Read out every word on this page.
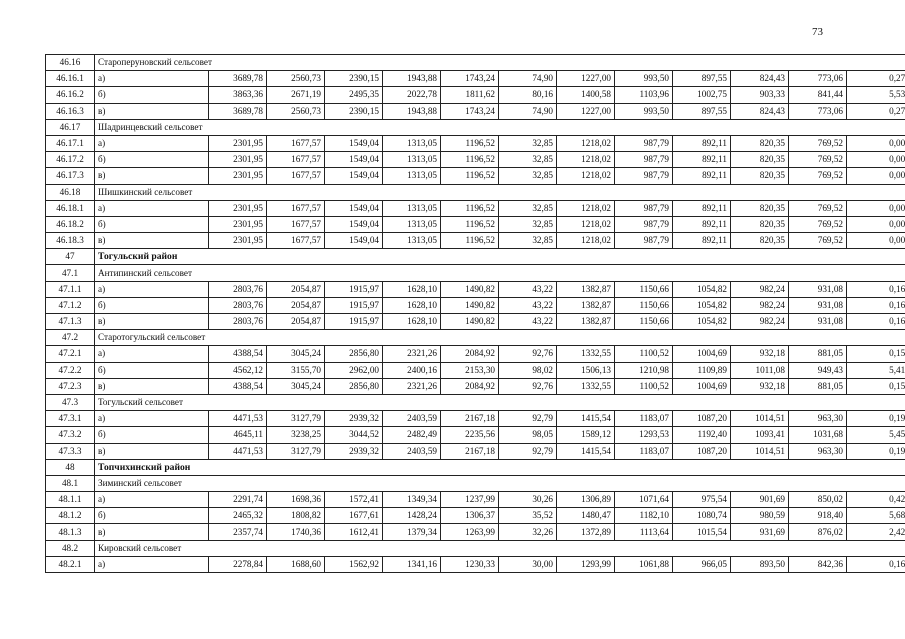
73
46.16	Староперуновский сельсовет												
46.16.1	а)	3689,78	2560,73	2390,15	1943,88	1743,24	74,90	1227,00	993,50	897,55	824,43	773,06	0,27
46.16.2	б)	3863,36	2671,19	2495,35	2022,78	1811,62	80,16	1400,58	1103,96	1002,75	903,33	841,44	5,53
46.16.3	в)	3689,78	2560,73	2390,15	1943,88	1743,24	74,90	1227,00	993,50	897,55	824,43	773,06	0,27
46.17	Шадринцевский сельсовет												
46.17.1	а)	2301,95	1677,57	1549,04	1313,05	1196,52	32,85	1218,02	987,79	892,11	820,35	769,52	0,00
46.17.2	б)	2301,95	1677,57	1549,04	1313,05	1196,52	32,85	1218,02	987,79	892,11	820,35	769,52	0,00
46.17.3	в)	2301,95	1677,57	1549,04	1313,05	1196,52	32,85	1218,02	987,79	892,11	820,35	769,52	0,00
46.18	Шишкинский сельсовет												
46.18.1	а)	2301,95	1677,57	1549,04	1313,05	1196,52	32,85	1218,02	987,79	892,11	820,35	769,52	0,00
46.18.2	б)	2301,95	1677,57	1549,04	1313,05	1196,52	32,85	1218,02	987,79	892,11	820,35	769,52	0,00
46.18.3	в)	2301,95	1677,57	1549,04	1313,05	1196,52	32,85	1218,02	987,79	892,11	820,35	769,52	0,00
47	Тогульский район												
47.1	Антипинский сельсовет												
47.1.1	а)	2803,76	2054,87	1915,97	1628,10	1490,82	43,22	1382,87	1150,66	1054,82	982,24	931,08	0,16
47.1.2	б)	2803,76	2054,87	1915,97	1628,10	1490,82	43,22	1382,87	1150,66	1054,82	982,24	931,08	0,16
47.1.3	в)	2803,76	2054,87	1915,97	1628,10	1490,82	43,22	1382,87	1150,66	1054,82	982,24	931,08	0,16
47.2	Старотогульский сельсовет												
47.2.1	а)	4388,54	3045,24	2856,80	2321,26	2084,92	92,76	1332,55	1100,52	1004,69	932,18	881,05	0,15
47.2.2	б)	4562,12	3155,70	2962,00	2400,16	2153,30	98,02	1506,13	1210,98	1109,89	1011,08	949,43	5,41
47.2.3	в)	4388,54	3045,24	2856,80	2321,26	2084,92	92,76	1332,55	1100,52	1004,69	932,18	881,05	0,15
47.3	Тогульский сельсовет												
47.3.1	а)	4471,53	3127,79	2939,32	2403,59	2167,18	92,79	1415,54	1183,07	1087,20	1014,51	963,30	0,19
47.3.2	б)	4645,11	3238,25	3044,52	2482,49	2235,56	98,05	1589,12	1293,53	1192,40	1093,41	1031,68	5,45
47.3.3	в)	4471,53	3127,79	2939,32	2403,59	2167,18	92,79	1415,54	1183,07	1087,20	1014,51	963,30	0,19
48	Топчихинский район												
48.1	Зиминский сельсовет												
48.1.1	а)	2291,74	1698,36	1572,41	1349,34	1237,99	30,26	1306,89	1071,64	975,54	901,69	850,02	0,42
48.1.2	б)	2465,32	1808,82	1677,61	1428,24	1306,37	35,52	1480,47	1182,10	1080,74	980,59	918,40	5,68
48.1.3	в)	2357,74	1740,36	1612,41	1379,34	1263,99	32,26	1372,89	1113,64	1015,54	931,69	876,02	2,42
48.2	Кировский сельсовет												
48.2.1	а)	2278,84	1688,60	1562,92	1341,16	1230,33	30,00	1293,99	1061,88	966,05	893,50	842,36	0,16
